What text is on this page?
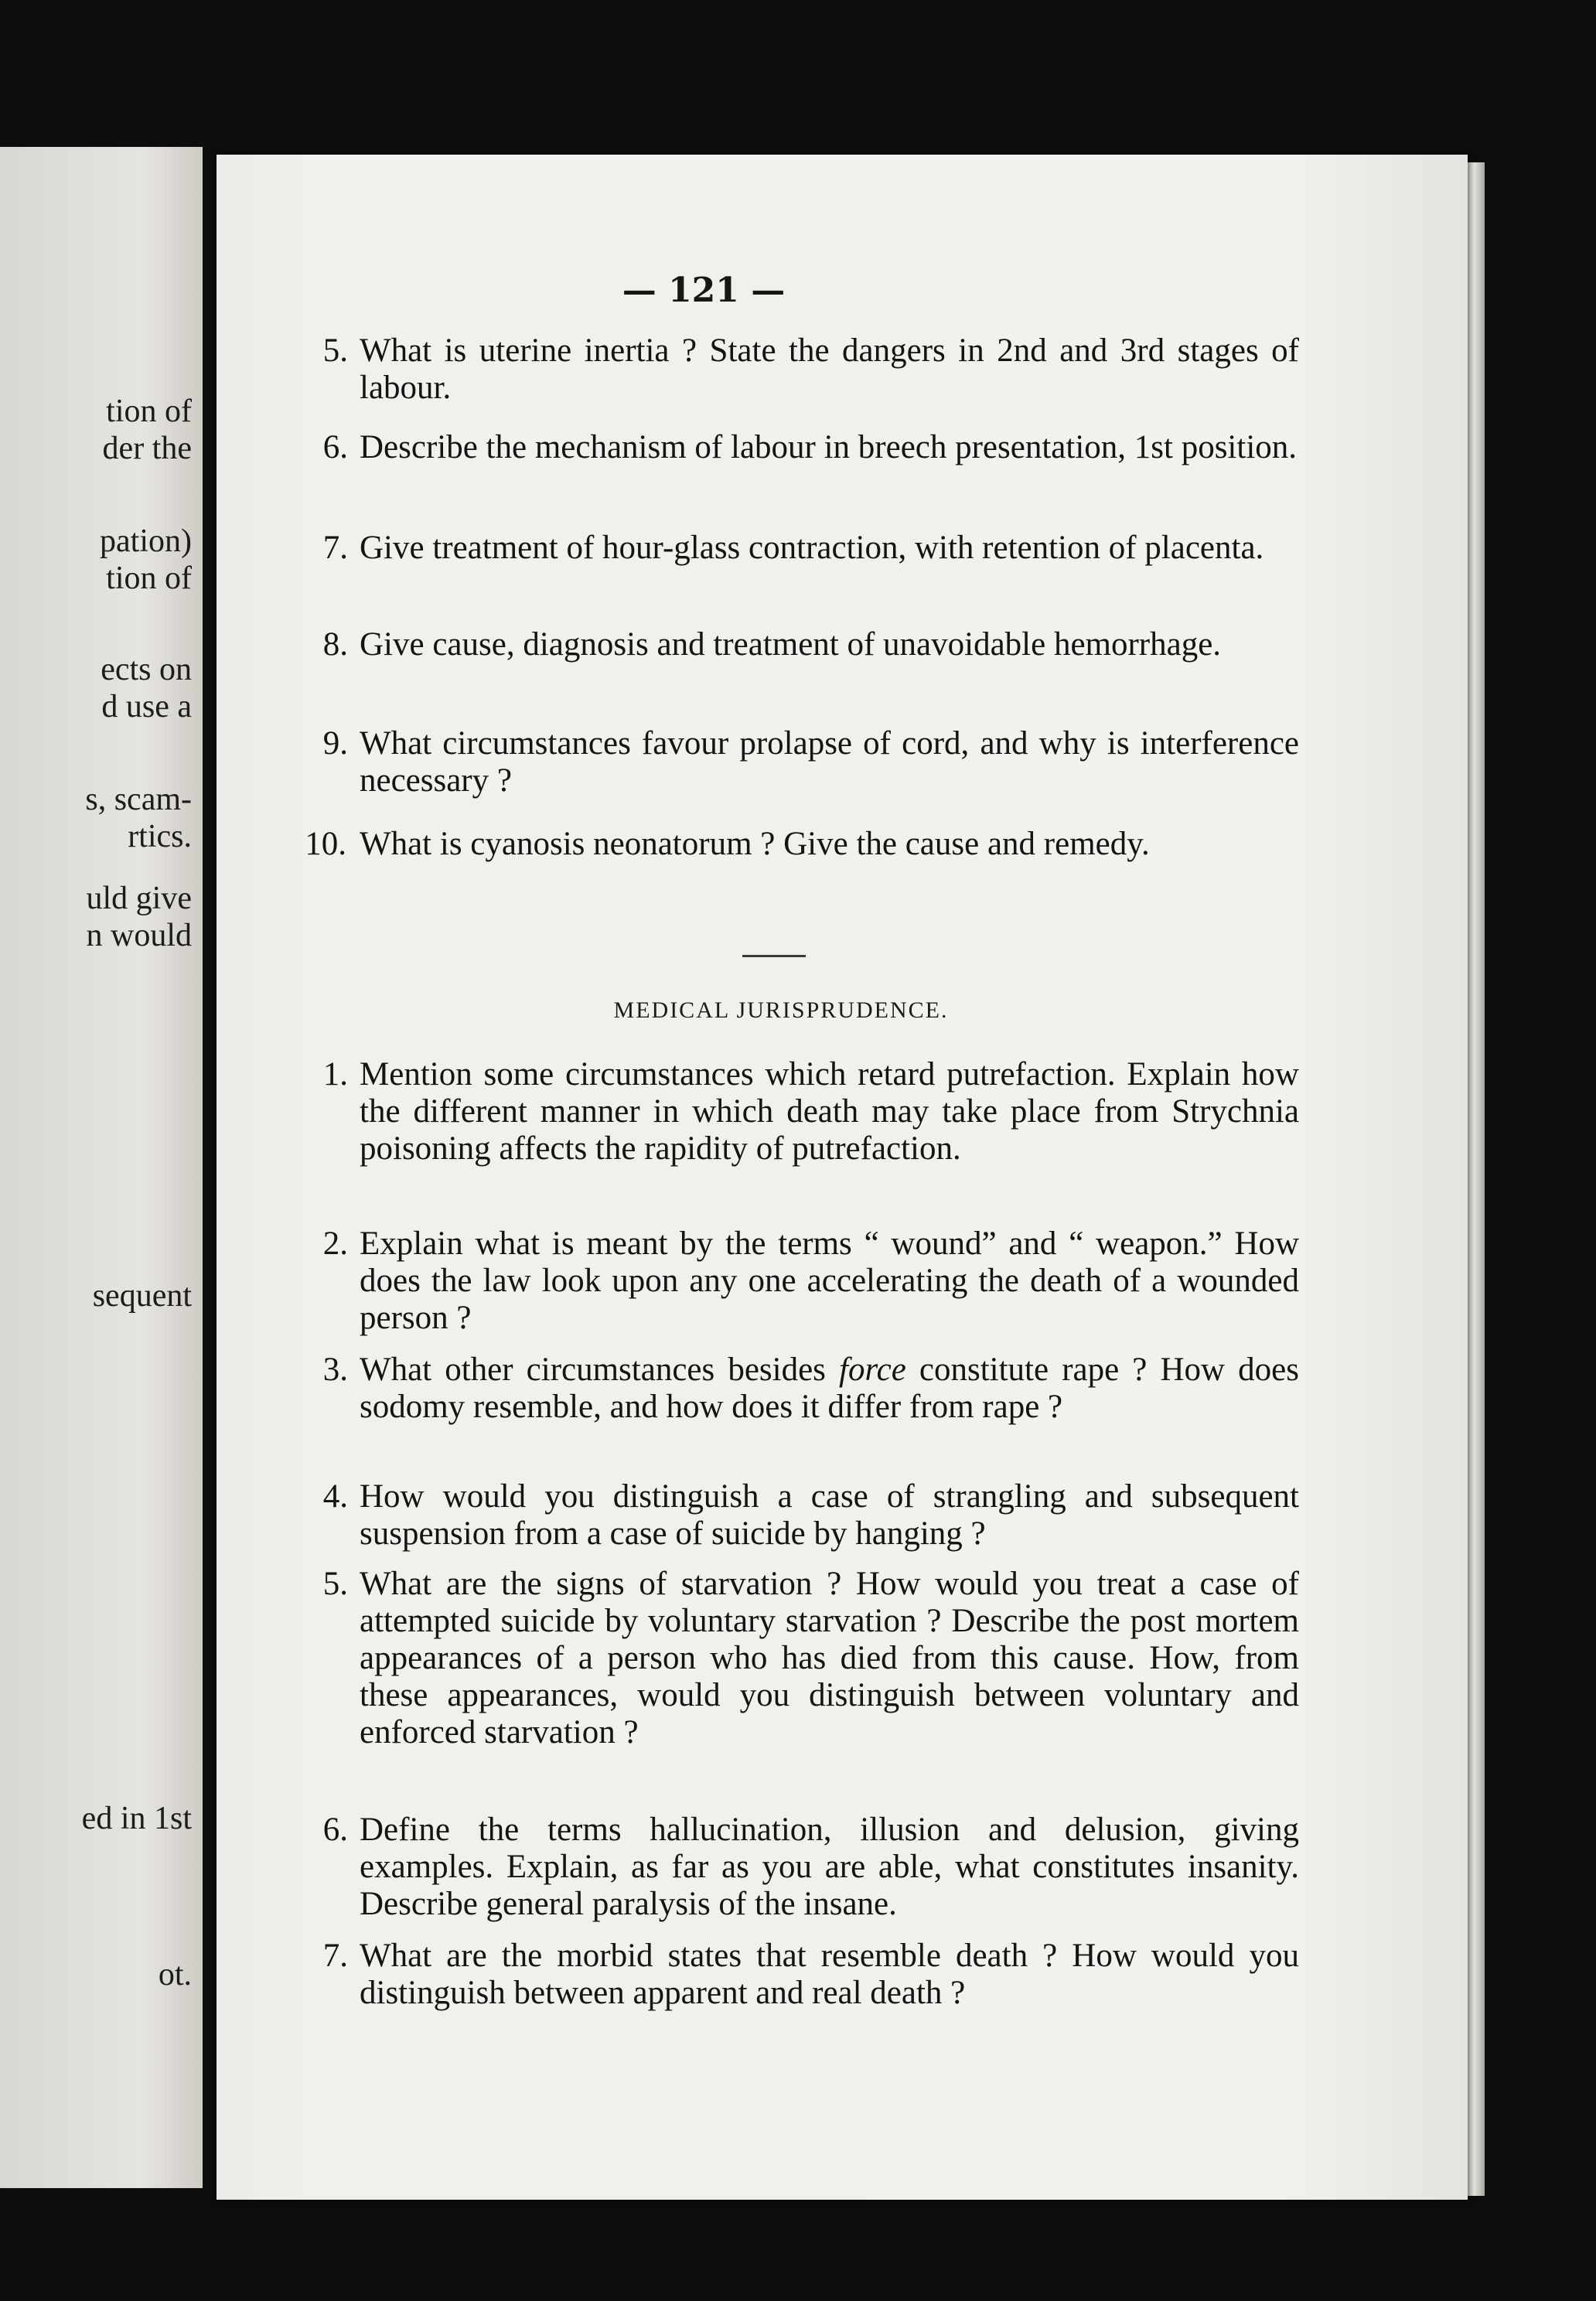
tion of
der the
pation)
tion of
ects on
d use a
s, scam-
rtics.
uld give
n would
sequent
ed in 1st
ot.
— 121 —
5. What is uterine inertia ? State the dangers in 2nd and 3rd stages of labour.
6. Describe the mechanism of labour in breech presentation, 1st position.
7. Give treatment of hour-glass contraction, with retention of placenta.
8. Give cause, diagnosis and treatment of unavoidable hemorrhage.
9. What circumstances favour prolapse of cord, and why is interference necessary ?
10. What is cyanosis neonatorum ? Give the cause and remedy.
MEDICAL JURISPRUDENCE.
1. Mention some circumstances which retard putrefaction. Explain how the different manner in which death may take place from Strychnia poisoning affects the rapidity of putrefaction.
2. Explain what is meant by the terms “ wound” and “ weapon.” How does the law look upon any one accelerating the death of a wounded person ?
3. What other circumstances besides force constitute rape ? How does sodomy resemble, and how does it differ from rape ?
4. How would you distinguish a case of strangling and subsequent suspension from a case of suicide by hanging ?
5. What are the signs of starvation ? How would you treat a case of attempted suicide by voluntary starvation ? Describe the post mortem appearances of a person who has died from this cause. How, from these appearances, would you distinguish between voluntary and enforced starvation ?
6. Define the terms hallucination, illusion and delusion, giving examples. Explain, as far as you are able, what constitutes insanity. Describe general paralysis of the insane.
7. What are the morbid states that resemble death ? How would you distinguish between apparent and real death ?
